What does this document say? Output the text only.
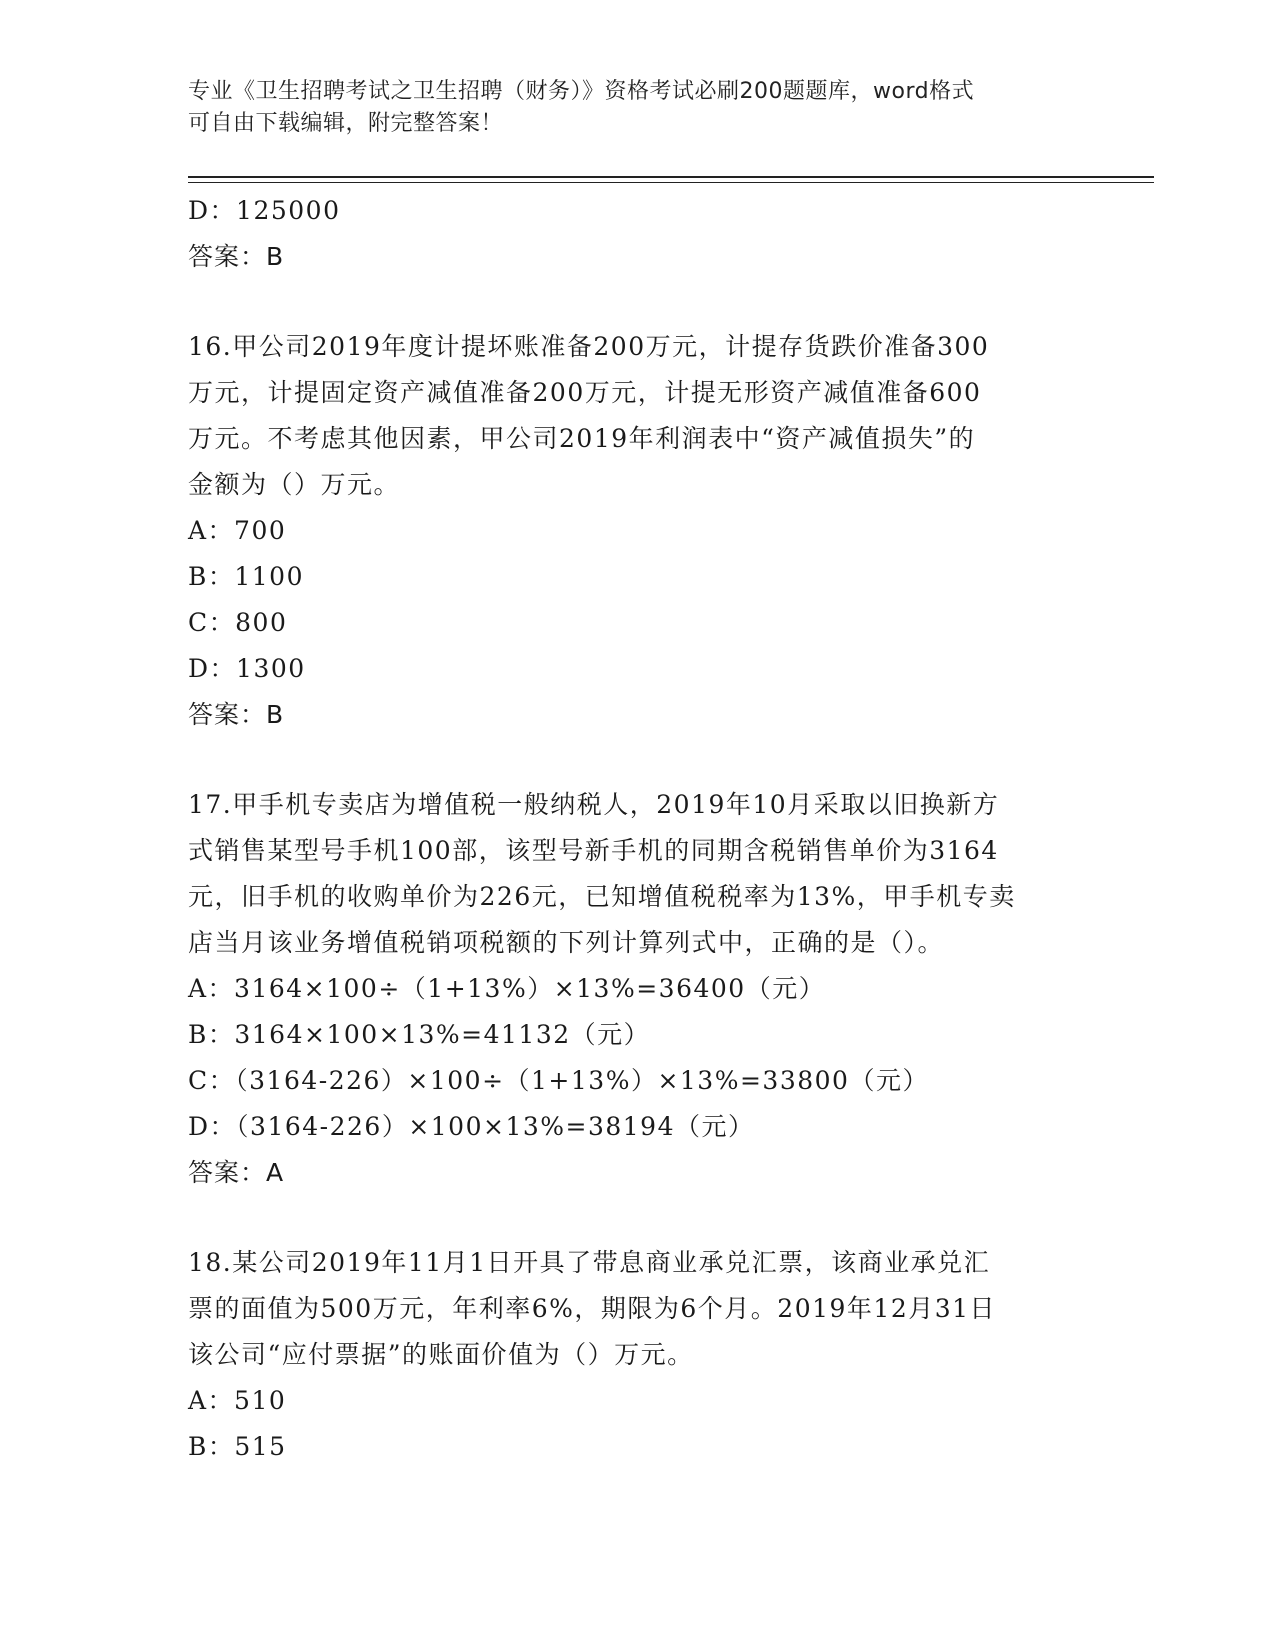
专业《卫生招聘考试之卫生招聘（财务）》资格考试必刷200题题库，word格式
可自由下载编辑，附完整答案！
D：125000
答案：B
16.甲公司2019年度计提坏账准备200万元，计提存货跌价准备300
万元，计提固定资产减值准备200万元，计提无形资产减值准备600
万元。不考虑其他因素，甲公司2019年利润表中“资产减值损失”的
金额为（）万元。
A：700
B：1100
C：800
D：1300
答案：B
17.甲手机专卖店为增值税一般纳税人，2019年10月采取以旧换新方
式销售某型号手机100部，该型号新手机的同期含税销售单价为3164
元，旧手机的收购单价为226元，已知增值税税率为13%，甲手机专卖
店当月该业务增值税销项税额的下列计算列式中，正确的是（）。
A：3164×100÷（1+13%）×13%=36400（元）
B：3164×100×13%=41132（元）
C：（3164-226）×100÷（1+13%）×13%=33800（元）
D：（3164-226）×100×13%=38194（元）
答案：A
18.某公司2019年11月1日开具了带息商业承兑汇票，该商业承兑汇
票的面值为500万元，年利率6%，期限为6个月。2019年12月31日
该公司“应付票据”的账面价值为（）万元。
A：510
B：515
